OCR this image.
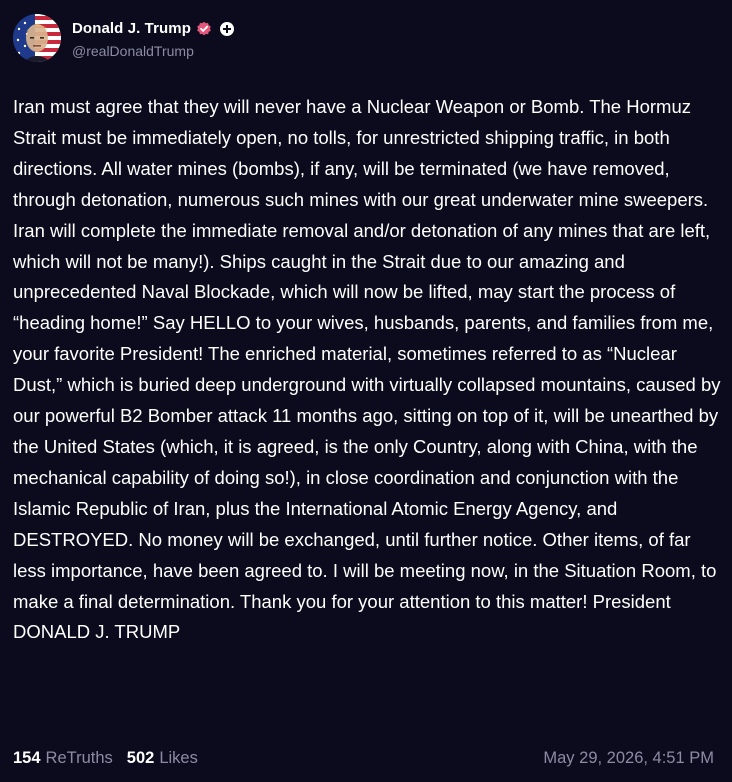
Donald J. Trump
@realDonaldTrump
Iran must agree that they will never have a Nuclear Weapon or Bomb. The Hormuz Strait must be immediately open, no tolls, for unrestricted shipping traffic, in both directions. All water mines (bombs), if any, will be terminated (we have removed, through detonation, numerous such mines with our great underwater mine sweepers. Iran will complete the immediate removal and/or detonation of any mines that are left, which will not be many!). Ships caught in the Strait due to our amazing and unprecedented Naval Blockade, which will now be lifted, may start the process of “heading home!” Say HELLO to your wives, husbands, parents, and families from me, your favorite President! The enriched material, sometimes referred to as “Nuclear Dust,” which is buried deep underground with virtually collapsed mountains, caused by our powerful B2 Bomber attack 11 months ago, sitting on top of it, will be unearthed by the United States (which, it is agreed, is the only Country, along with China, with the mechanical capability of doing so!), in close coordination and conjunction with the Islamic Republic of Iran, plus the International Atomic Energy Agency, and DESTROYED. No money will be exchanged, until further notice. Other items, of far less importance, have been agreed to. I will be meeting now, in the Situation Room, to make a final determination. Thank you for your attention to this matter! President DONALD J. TRUMP
154 ReTruths 502 Likes	May 29, 2026, 4:51 PM
